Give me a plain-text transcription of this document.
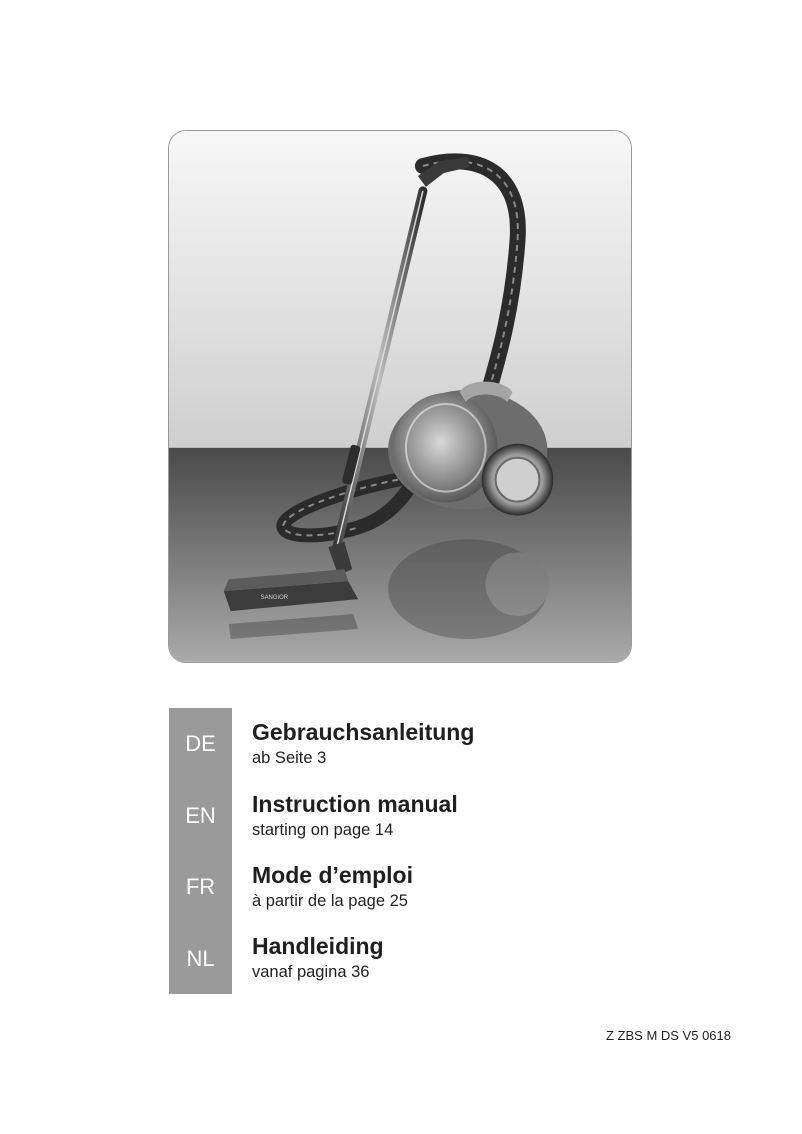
SANGIOR
DE	Gebrauchsanleitung
ab Seite 3
EN	Instruction manual
starting on page 14
FR	Mode d’emploi
à partir de la page 25
NL	Handleiding
vanaf pagina 36
Z ZBS M DS V5 0618
